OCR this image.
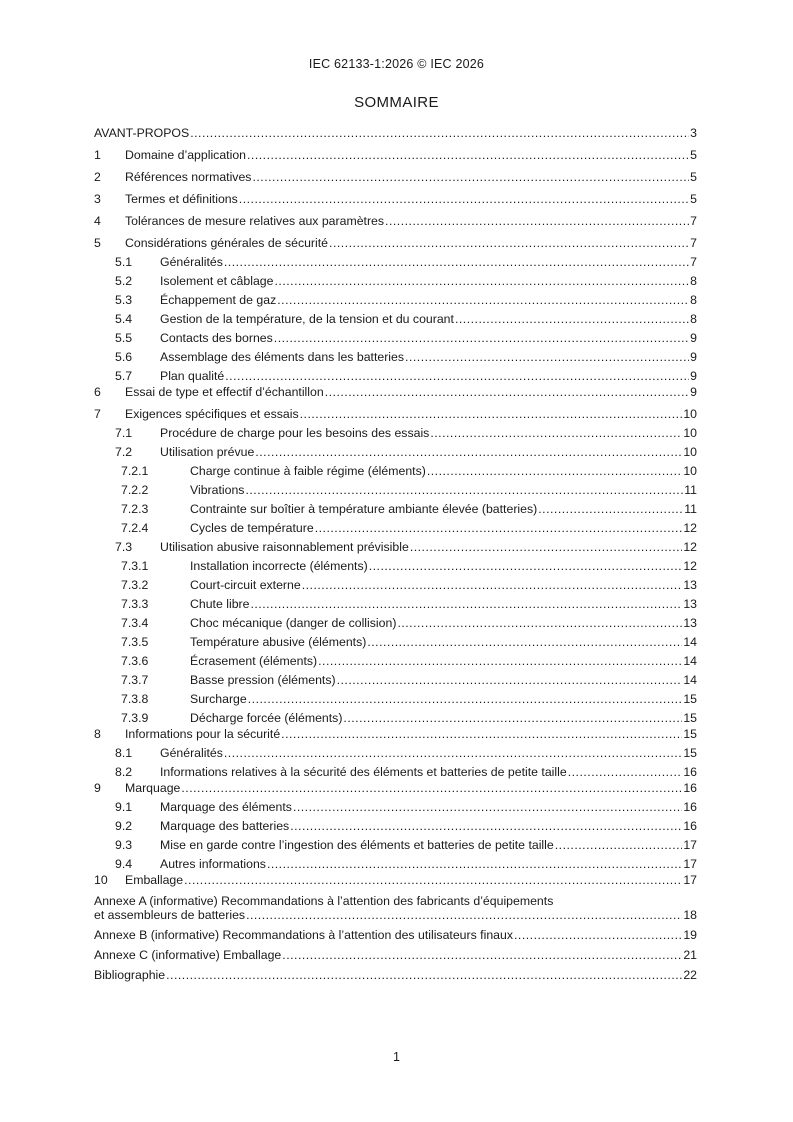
IEC 62133-1:2026 © IEC 2026
SOMMAIRE
AVANT-PROPOS .....	3
1	Domaine d’application .....	5
2	Références normatives .....	5
3	Termes et définitions .....	5
4	Tolérances de mesure relatives aux paramètres .....	7
5	Considérations générales de sécurité .....	7
5.1	Généralités .....	7
5.2	Isolement et câblage .....	8
5.3	Échappement de gaz .....	8
5.4	Gestion de la température, de la tension et du courant .....	8
5.5	Contacts des bornes .....	9
5.6	Assemblage des éléments dans les batteries .....	9
5.7	Plan qualité .....	9
6	Essai de type et effectif d’échantillon .....	9
7	Exigences spécifiques et essais .....	10
7.1	Procédure de charge pour les besoins des essais .....	10
7.2	Utilisation prévue .....	10
7.2.1	Charge continue à faible régime (éléments) .....	10
7.2.2	Vibrations .....	11
7.2.3	Contrainte sur boîtier à température ambiante élevée (batteries) .....	11
7.2.4	Cycles de température .....	12
7.3	Utilisation abusive raisonnablement prévisible .....	12
7.3.1	Installation incorrecte (éléments) .....	12
7.3.2	Court-circuit externe .....	13
7.3.3	Chute libre .....	13
7.3.4	Choc mécanique (danger de collision) .....	13
7.3.5	Température abusive (éléments) .....	14
7.3.6	Écrasement (éléments) .....	14
7.3.7	Basse pression (éléments) .....	14
7.3.8	Surcharge .....	15
7.3.9	Décharge forcée (éléments) .....	15
8	Informations pour la sécurité .....	15
8.1	Généralités .....	15
8.2	Informations relatives à la sécurité des éléments et batteries de petite taille .....	16
9	Marquage .....	16
9.1	Marquage des éléments .....	16
9.2	Marquage des batteries .....	16
9.3	Mise en garde contre l’ingestion des éléments et batteries de petite taille .....	17
9.4	Autres informations .....	17
10	Emballage .....	17
Annexe A (informative) Recommandations à l’attention des fabricants d’équipements
et assembleurs de batteries .....	18
Annexe B (informative) Recommandations à l’attention des utilisateurs finaux .....	19
Annexe C (informative) Emballage .....	21
Bibliographie .....	22
1
